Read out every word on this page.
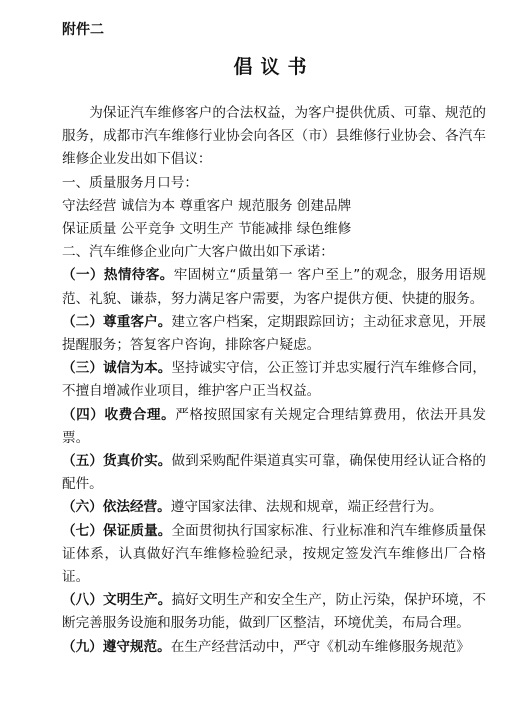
附件二
倡议书

为保证汽车维修客户的合法权益，为客户提供优质、可靠、规范的服务，成都市汽车维修行业协会向各区（市）县维修行业协会、各汽车维修企业发出如下倡议：

一、质量服务月口号：

守法经营 诚信为本 尊重客户 规范服务 创建品牌

保证质量 公平竞争 文明生产 节能减排 绿色维修

二、汽车维修企业向广大客户做出如下承诺：

（一）热情待客。牢固树立“质量第一 客户至上”的观念，服务用语规范、礼貌、谦恭，努力满足客户需要，为客户提供方便、快捷的服务。

（二）尊重客户。建立客户档案，定期跟踪回访；主动征求意见，开展提醒服务；答复客户咨询，排除客户疑虑。

（三）诚信为本。坚持诚实守信，公正签订并忠实履行汽车维修合同，不擅自增减作业项目，维护客户正当权益。

（四）收费合理。严格按照国家有关规定合理结算费用，依法开具发票。

（五）货真价实。做到采购配件渠道真实可靠，确保使用经认证合格的配件。

（六）依法经营。遵守国家法律、法规和规章，端正经营行为。

（七）保证质量。全面贯彻执行国家标准、行业标准和汽车维修质量保证体系，认真做好汽车维修检验纪录，按规定签发汽车维修出厂合格证。

（八）文明生产。搞好文明生产和安全生产，防止污染，保护环境，不断完善服务设施和服务功能，做到厂区整洁，环境优美，布局合理。

（九）遵守规范。在生产经营活动中，严守《机动车维修服务规范》
